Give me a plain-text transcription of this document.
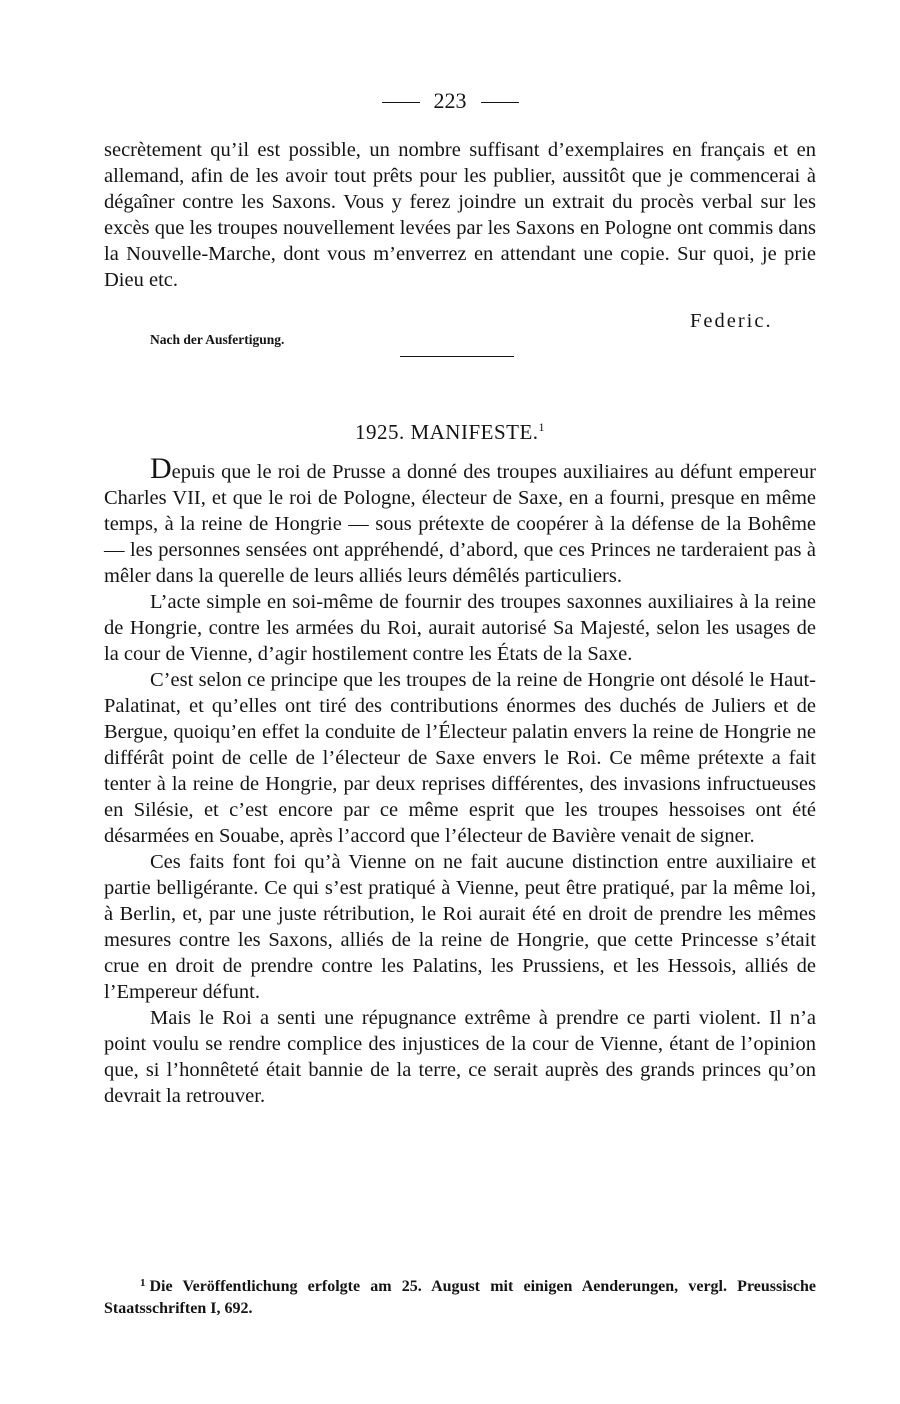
223

secrètement qu’il est possible, un nombre suffisant d’exemplaires en français et en allemand, afin de les avoir tout prêts pour les publier, aussitôt que je commencerai à dégaîner contre les Saxons. Vous y ferez joindre un extrait du procès verbal sur les excès que les troupes nouvellement levées par les Saxons en Pologne ont commis dans la Nouvelle-Marche, dont vous m’enverrez en attendant une copie. Sur quoi, je prie Dieu etc.

Federic.
Nach der Ausfertigung.
1925. MANIFESTE.$^1$

Depuis que le roi de Prusse a donné des troupes auxiliaires au défunt empereur Charles VII, et que le roi de Pologne, électeur de Saxe, en a fourni, presque en même temps, à la reine de Hongrie — sous prétexte de coopérer à la défense de la Bohême — les personnes sensées ont appréhendé, d’abord, que ces Princes ne tarderaient pas à mêler dans la querelle de leurs alliés leurs démêlés particuliers.

L’acte simple en soi-même de fournir des troupes saxonnes auxiliaires à la reine de Hongrie, contre les armées du Roi, aurait autorisé Sa Majesté, selon les usages de la cour de Vienne, d’agir hostilement contre les États de la Saxe.

C’est selon ce principe que les troupes de la reine de Hongrie ont désolé le Haut-Palatinat, et qu’elles ont tiré des contributions énormes des duchés de Juliers et de Bergue, quoiqu’en effet la conduite de l’Électeur palatin envers la reine de Hongrie ne différât point de celle de l’électeur de Saxe envers le Roi. Ce même prétexte a fait tenter à la reine de Hongrie, par deux reprises différentes, des invasions infructueuses en Silésie, et c’est encore par ce même esprit que les troupes hessoises ont été désarmées en Souabe, après l’accord que l’électeur de Bavière venait de signer.

Ces faits font foi qu’à Vienne on ne fait aucune distinction entre auxiliaire et partie belligérante. Ce qui s’est pratiqué à Vienne, peut être pratiqué, par la même loi, à Berlin, et, par une juste rétribution, le Roi aurait été en droit de prendre les mêmes mesures contre les Saxons, alliés de la reine de Hongrie, que cette Princesse s’était crue en droit de prendre contre les Palatins, les Prussiens, et les Hessois, alliés de l’Empereur défunt.

Mais le Roi a senti une répugnance extrême à prendre ce parti violent. Il n’a point voulu se rendre complice des injustices de la cour de Vienne, étant de l’opinion que, si l’honnêteté était bannie de la terre, ce serait auprès des grands princes qu’on devrait la retrouver.

$^1$ Die Veröffentlichung erfolgte am 25. August mit einigen Aenderungen, vergl. Preussische Staatsschriften I, 692.
